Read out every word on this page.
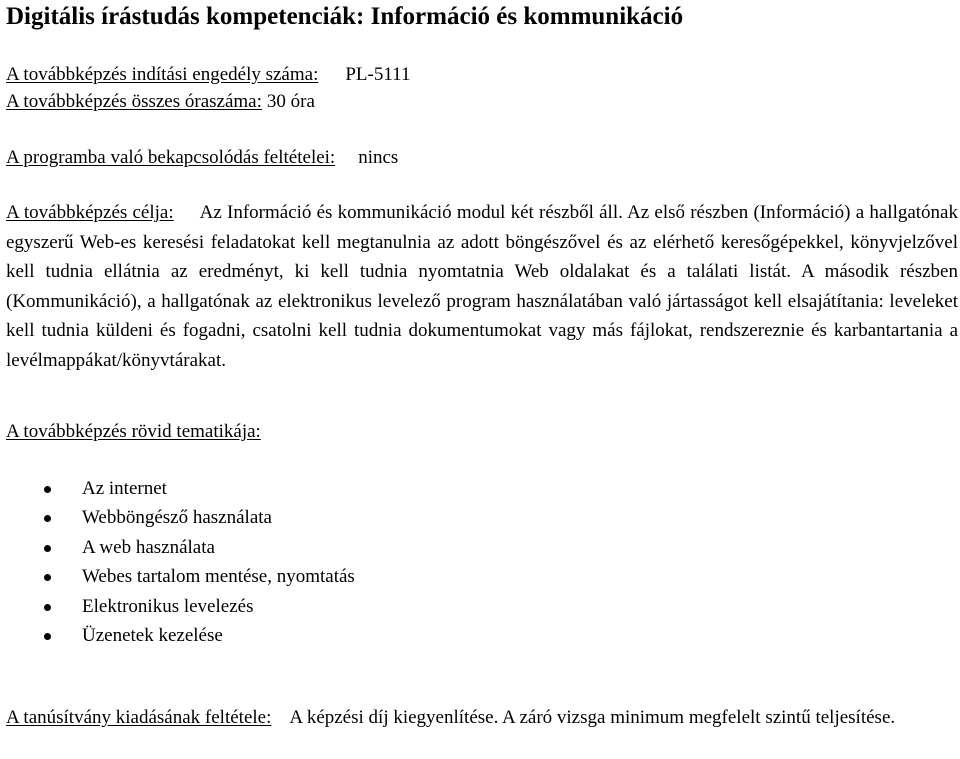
Digitális írástudás kompetenciák: Információ és kommunikáció
A továbbképzés indítási engedély száma: PL-5111
A továbbképzés összes óraszáma: 30 óra
A programba való bekapcsolódás feltételei: nincs

A továbbképzés célja: Az Információ és kommunikáció modul két részből áll. Az első részben (Információ) a hallgatónak egyszerű Web-es keresési feladatokat kell megtanulnia az adott böngészővel és az elérhető keresőgépekkel, könyvjelzővel kell tudnia ellátnia az eredményt, ki kell tudnia nyomtatnia Web oldalakat és a találati listát. A második részben (Kommunikáció), a hallgatónak az elektronikus levelező program használatában való jártasságot kell elsajátítania: leveleket kell tudnia küldeni és fogadni, csatolni kell tudnia dokumentumokat vagy más fájlokat, rendszereznie és karbantartania a levélmappákat/könyvtárakat.

A továbbképzés rövid tematikája:
Az internet
Webböngésző használata
A web használata
Webes tartalom mentése, nyomtatás
Elektronikus levelezés
Üzenetek kezelése

A tanúsítvány kiadásának feltétele: A képzési díj kiegyenlítése. A záró vizsga minimum megfelelt szintű teljesítése.
